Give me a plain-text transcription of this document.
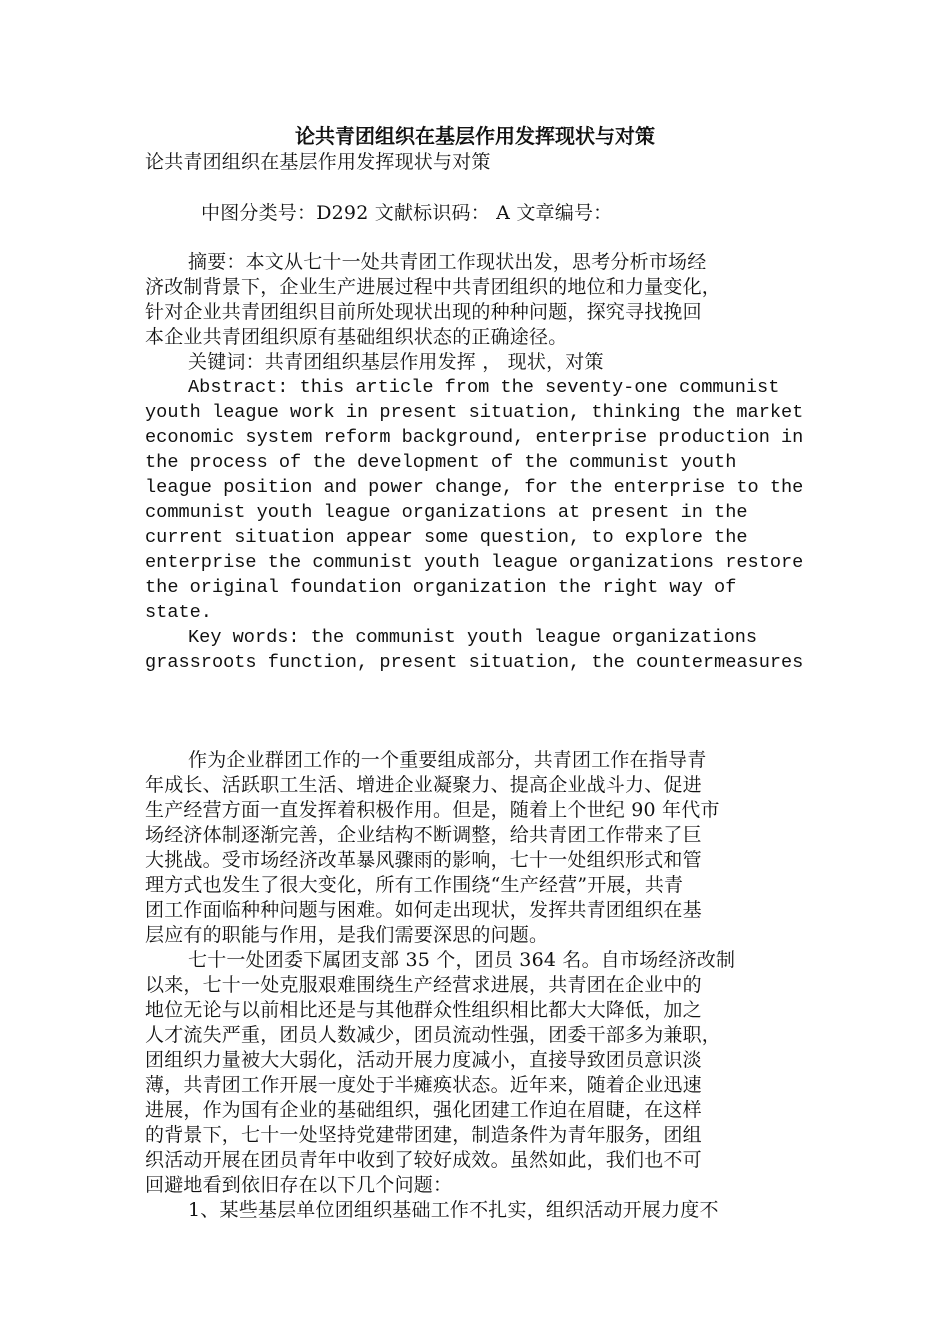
论共青团组织在基层作用发挥现状与对策
论共青团组织在基层作用发挥现状与对策
中图分类号：D292 文献标识码： A 文章编号：
摘要：本文从七十一处共青团工作现状出发，思考分析市场经
济改制背景下，企业生产进展过程中共青团组织的地位和力量变化，
针对企业共青团组织目前所处现状出现的种种问题，探究寻找挽回
本企业共青团组织原有基础组织状态的正确途径。
关键词：共青团组织基层作用发挥 ， 现状，对策
Abstract: this article from the seventy-one communist
youth league work in present situation, thinking the market
economic system reform background, enterprise production in
the process of the development of the communist youth
league position and power change, for the enterprise to the
communist youth league organizations at present in the
current situation appear some question, to explore the
enterprise the communist youth league organizations restore
the original foundation organization the right way of
state.
Key words: the communist youth league organizations
grassroots function, present situation, the countermeasures
作为企业群团工作的一个重要组成部分，共青团工作在指导青
年成长、活跃职工生活、增进企业凝聚力、提高企业战斗力、促进
生产经营方面一直发挥着积极作用。但是，随着上个世纪 90 年代市
场经济体制逐渐完善，企业结构不断调整，给共青团工作带来了巨
大挑战。受市场经济改革暴风骤雨的影响，七十一处组织形式和管
理方式也发生了很大变化，所有工作围绕“生产经营”开展，共青
团工作面临种种问题与困难。如何走出现状，发挥共青团组织在基
层应有的职能与作用，是我们需要深思的问题。
七十一处团委下属团支部 35 个，团员 364 名。自市场经济改制
以来，七十一处克服艰难围绕生产经营求进展，共青团在企业中的
地位无论与以前相比还是与其他群众性组织相比都大大降低，加之
人才流失严重，团员人数减少，团员流动性强，团委干部多为兼职，
团组织力量被大大弱化，活动开展力度减小，直接导致团员意识淡
薄，共青团工作开展一度处于半瘫痪状态。近年来，随着企业迅速
进展，作为国有企业的基础组织，强化团建工作迫在眉睫，在这样
的背景下，七十一处坚持党建带团建，制造条件为青年服务，团组
织活动开展在团员青年中收到了较好成效。虽然如此，我们也不可
回避地看到依旧存在以下几个问题：
1、某些基层单位团组织基础工作不扎实，组织活动开展力度不
